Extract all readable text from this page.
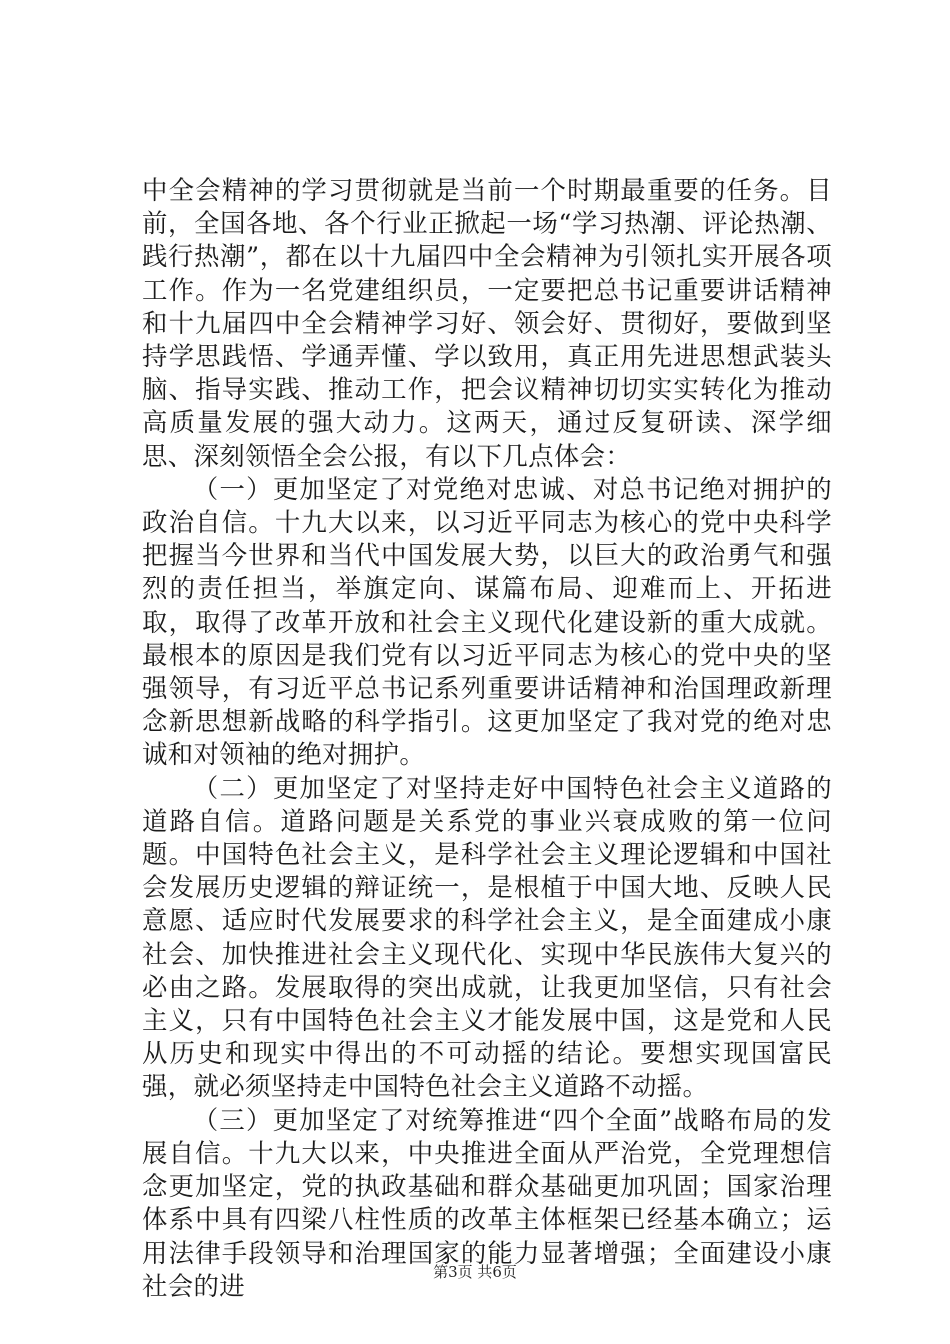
中全会精神的学习贯彻就是当前一个时期最重要的任务。目前，全国各地、各个行业正掀起一场“学习热潮、评论热潮、践行热潮”，都在以十九届四中全会精神为引领扎实开展各项工作。作为一名党建组织员，一定要把总书记重要讲话精神和十九届四中全会精神学习好、领会好、贯彻好，要做到坚持学思践悟、学通弄懂、学以致用，真正用先进思想武装头脑、指导实践、推动工作，把会议精神切切实实转化为推动高质量发展的强大动力。这两天，通过反复研读、深学细思、深刻领悟全会公报，有以下几点体会：

（一）更加坚定了对党绝对忠诚、对总书记绝对拥护的政治自信。十九大以来，以习近平同志为核心的党中央科学把握当今世界和当代中国发展大势，以巨大的政治勇气和强烈的责任担当，举旗定向、谋篇布局、迎难而上、开拓进取，取得了改革开放和社会主义现代化建设新的重大成就。最根本的原因是我们党有以习近平同志为核心的党中央的坚强领导，有习近平总书记系列重要讲话精神和治国理政新理念新思想新战略的科学指引。这更加坚定了我对党的绝对忠诚和对领袖的绝对拥护。

（二）更加坚定了对坚持走好中国特色社会主义道路的道路自信。道路问题是关系党的事业兴衰成败的第一位问题。中国特色社会主义，是科学社会主义理论逻辑和中国社会发展历史逻辑的辩证统一，是根植于中国大地、反映人民意愿、适应时代发展要求的科学社会主义，是全面建成小康社会、加快推进社会主义现代化、实现中华民族伟大复兴的必由之路。发展取得的突出成就，让我更加坚信，只有社会主义，只有中国特色社会主义才能发展中国，这是党和人民从历史和现实中得出的不可动摇的结论。要想实现国富民强，就必须坚持走中国特色社会主义道路不动摇。

（三）更加坚定了对统筹推进“四个全面”战略布局的发展自信。十九大以来，中央推进全面从严治党，全党理想信念更加坚定，党的执政基础和群众基础更加巩固；国家治理体系中具有四梁八柱性质的改革主体框架已经基本确立；运用法律手段领导和治理国家的能力显著增强；全面建设小康社会的进	第3页 共6页
